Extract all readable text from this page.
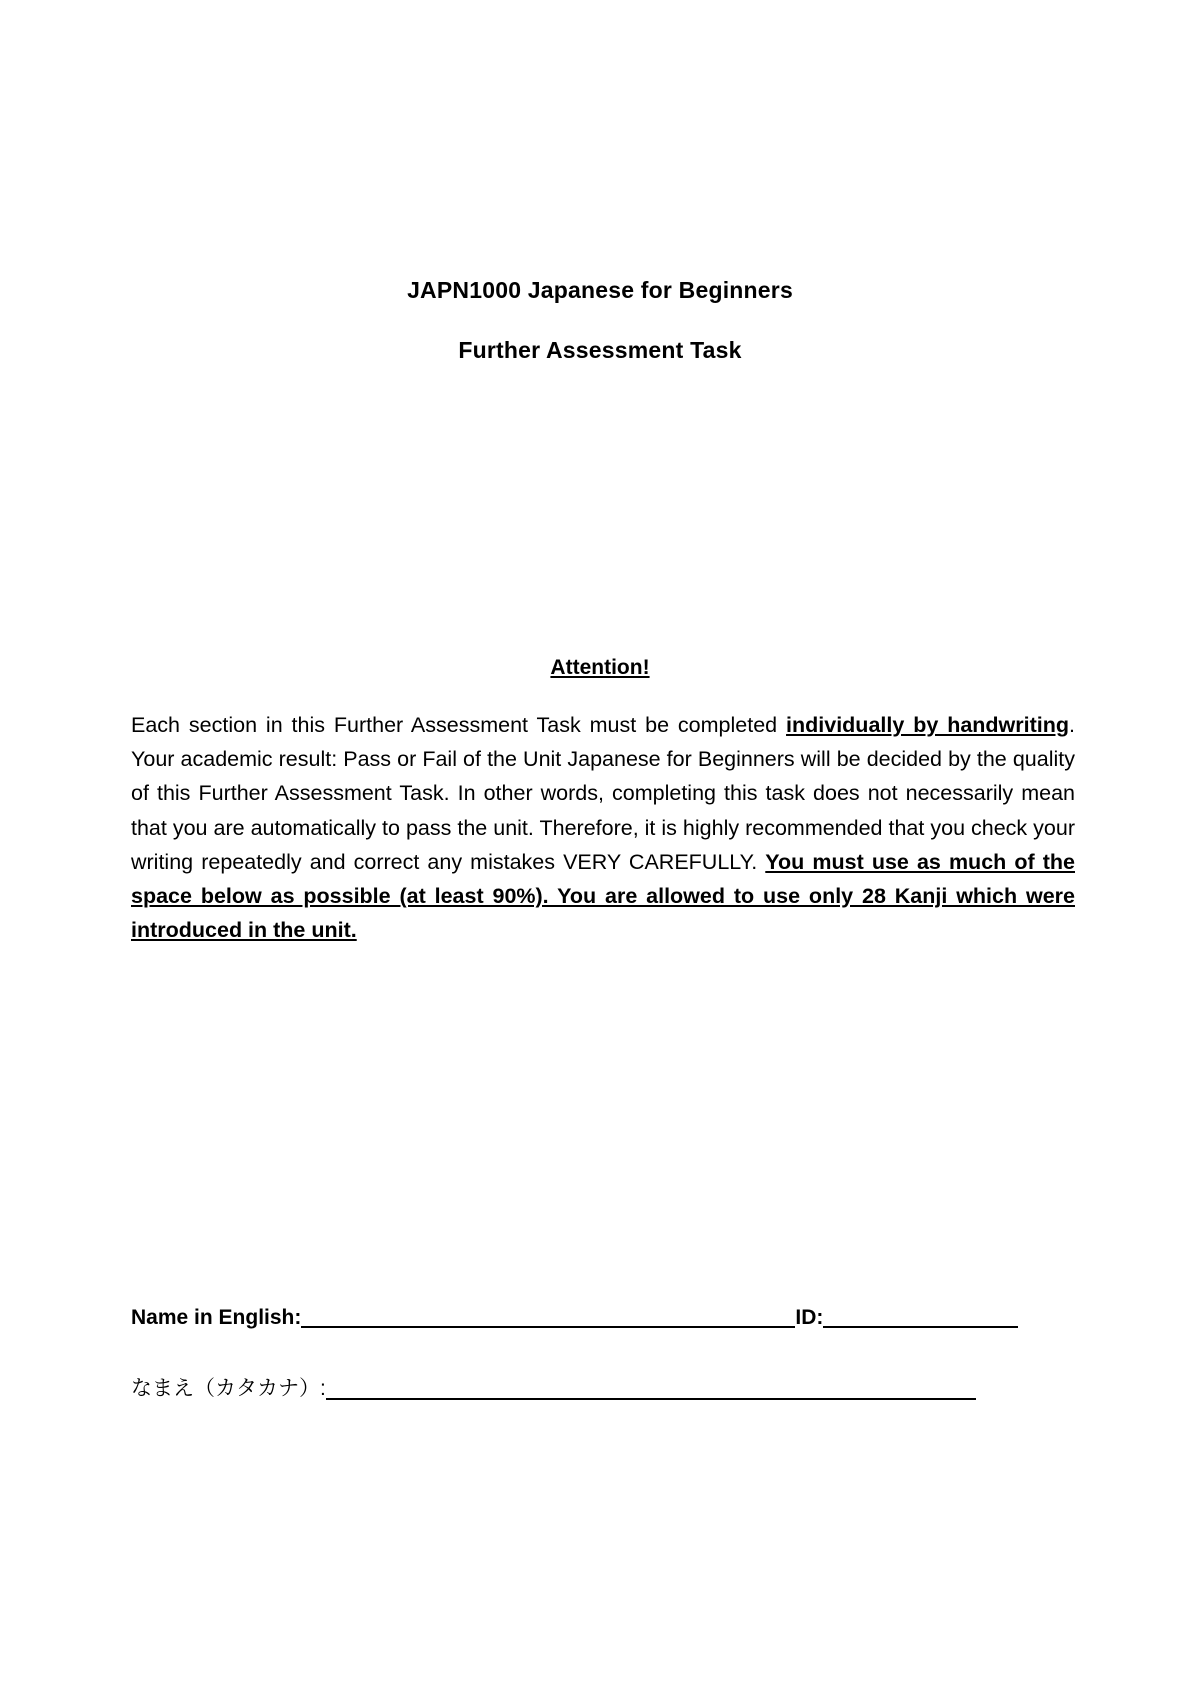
JAPN1000 Japanese for Beginners
Further Assessment Task
Attention!
Each section in this Further Assessment Task must be completed individually by handwriting. Your academic result: Pass or Fail of the Unit Japanese for Beginners will be decided by the quality of this Further Assessment Task. In other words, completing this task does not necessarily mean that you are automatically to pass the unit. Therefore, it is highly recommended that you check your writing repeatedly and correct any mistakes VERY CAREFULLY. You must use as much of the space below as possible (at least 90%). You are allowed to use only 28 Kanji which were introduced in the unit.
Name in English:	ID:
なまえ（カタカナ）:
